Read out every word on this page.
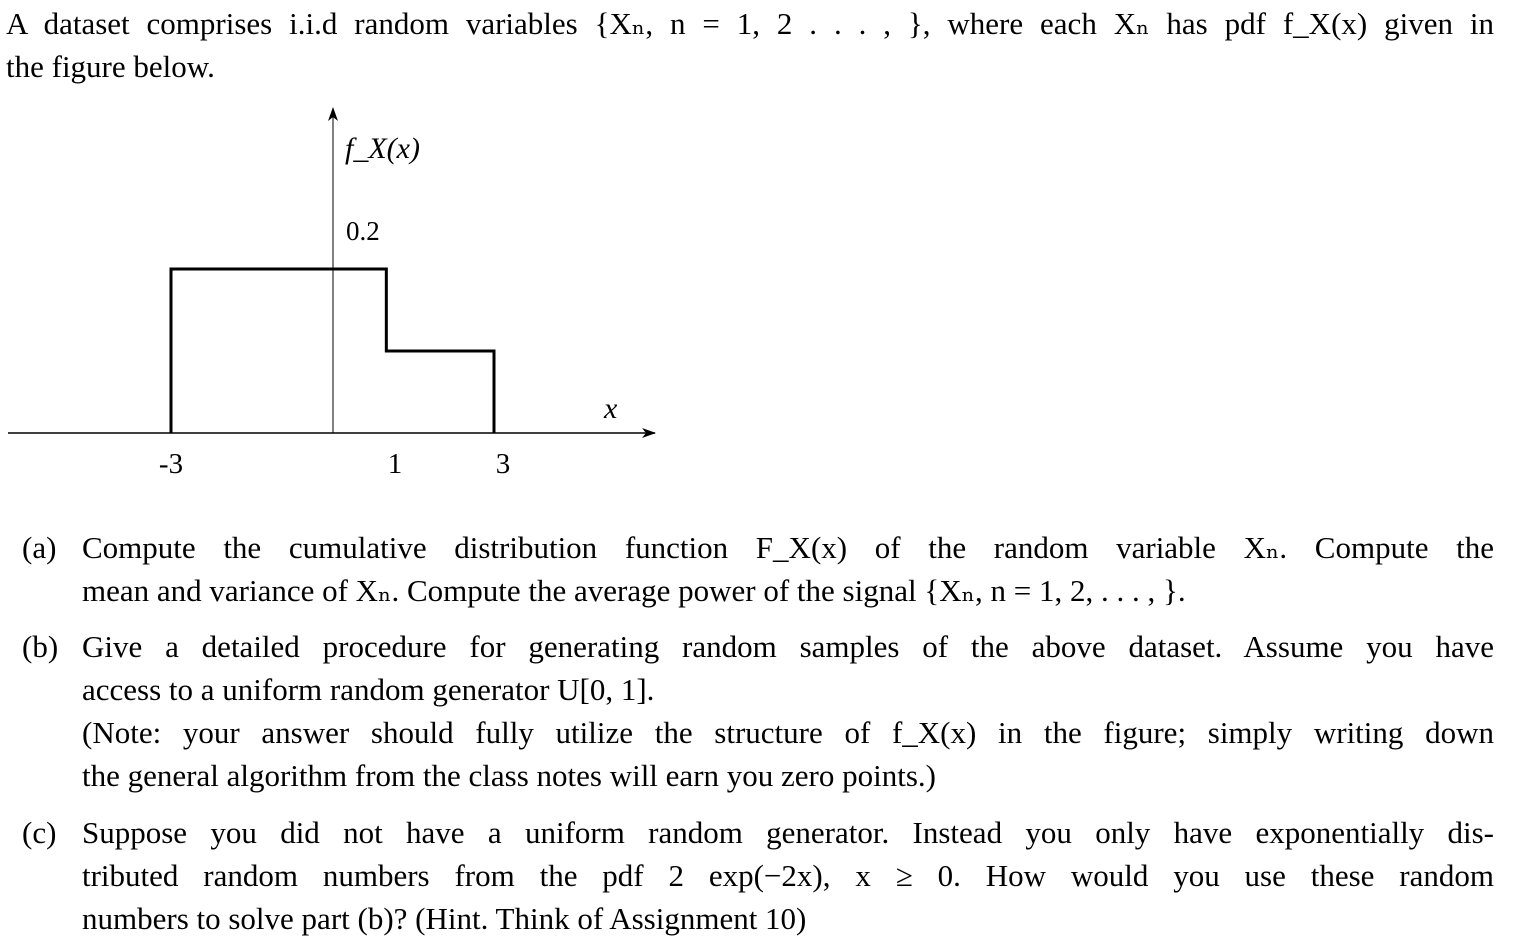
A dataset comprises i.i.d random variables {Xₙ, n = 1, 2 . . . , }, where each Xₙ has pdf f_X(x) given in
the figure below.
f_X(x)
0.2
x
-3	1	3
(a) Compute the cumulative distribution function F_X(x) of the random variable Xₙ. Compute the
mean and variance of Xₙ. Compute the average power of the signal {Xₙ, n = 1, 2, . . . , }.
(b) Give a detailed procedure for generating random samples of the above dataset. Assume you have
access to a uniform random generator U[0, 1].
(Note: your answer should fully utilize the structure of f_X(x) in the figure; simply writing down
the general algorithm from the class notes will earn you zero points.)
(c) Suppose you did not have a uniform random generator. Instead you only have exponentially dis-
tributed random numbers from the pdf 2 exp(−2x), x ≥ 0. How would you use these random
numbers to solve part (b)? (Hint. Think of Assignment 10)
